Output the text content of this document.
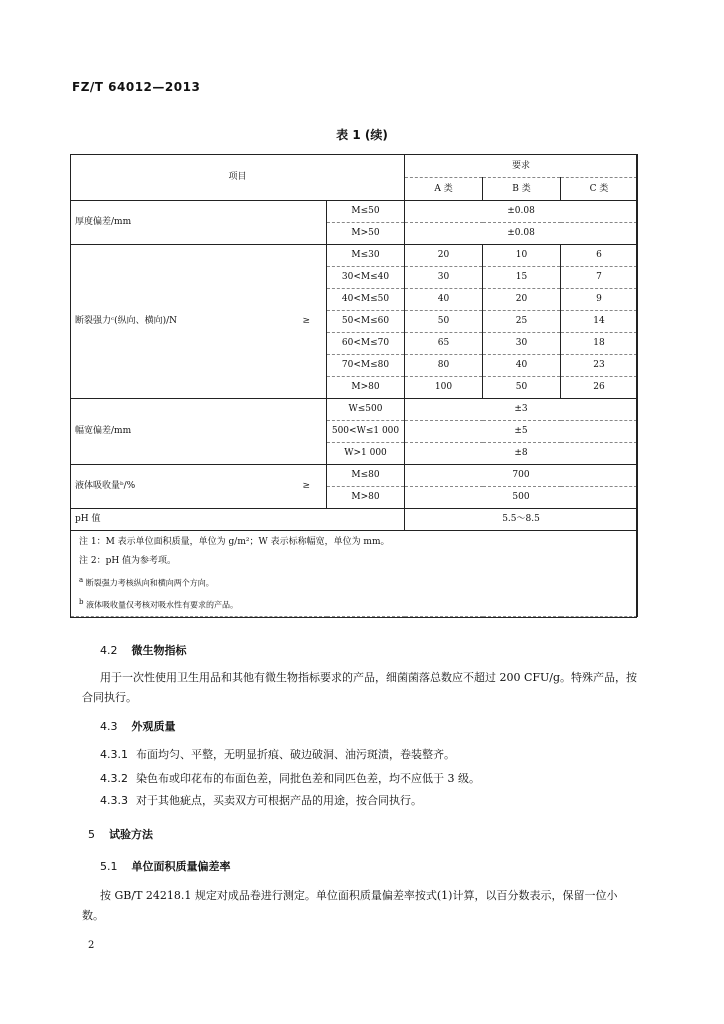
FZ/T 64012—2013
表 1 (续)
项目		要求		
		A 类	B 类	C 类
厚度偏差/mm	M≤50	±0.08		
	M>50	±0.08		
断裂强力ᶜ(纵向、横向)/N ≥	M≤30	20	10	6
	30<M≤40	30	15	7
	40<M≤50	40	20	9
	50<M≤60	50	25	14
	60<M≤70	65	30	18
	70<M≤80	80	40	23
	M>80	100	50	26
幅宽偏差/mm	W≤500	±3		
	500<W≤1 000	±5		
	W>1 000	±8		
液体吸收量ᵇ/% ≥	M≤80	700		
	M>80	500		
pH 值		5.5～8.5		

注 1：M 表示单位面积质量，单位为 g/m²；W 表示标称幅宽，单位为 mm。
注 2：pH 值为参考项。
$^a$ 断裂强力考核纵向和横向两个方向。
$^b$ 液体吸收量仅考核对吸水性有要求的产品。				
4.2 微生物指标
用于一次性使用卫生用品和其他有微生物指标要求的产品，细菌菌落总数应不超过 200 CFU/g。特殊产品，按合同执行。
4.3 外观质量
4.3.1 布面均匀、平整，无明显折痕、破边破洞、油污斑渍，卷装整齐。
4.3.2 染色布或印花布的布面色差，同批色差和同匹色差，均不应低于 3 级。
4.3.3 对于其他疵点，买卖双方可根据产品的用途，按合同执行。
5 试验方法
5.1 单位面积质量偏差率
按 GB/T 24218.1 规定对成品卷进行测定。单位面积质量偏差率按式(1)计算，以百分数表示，保留一位小数。
2
